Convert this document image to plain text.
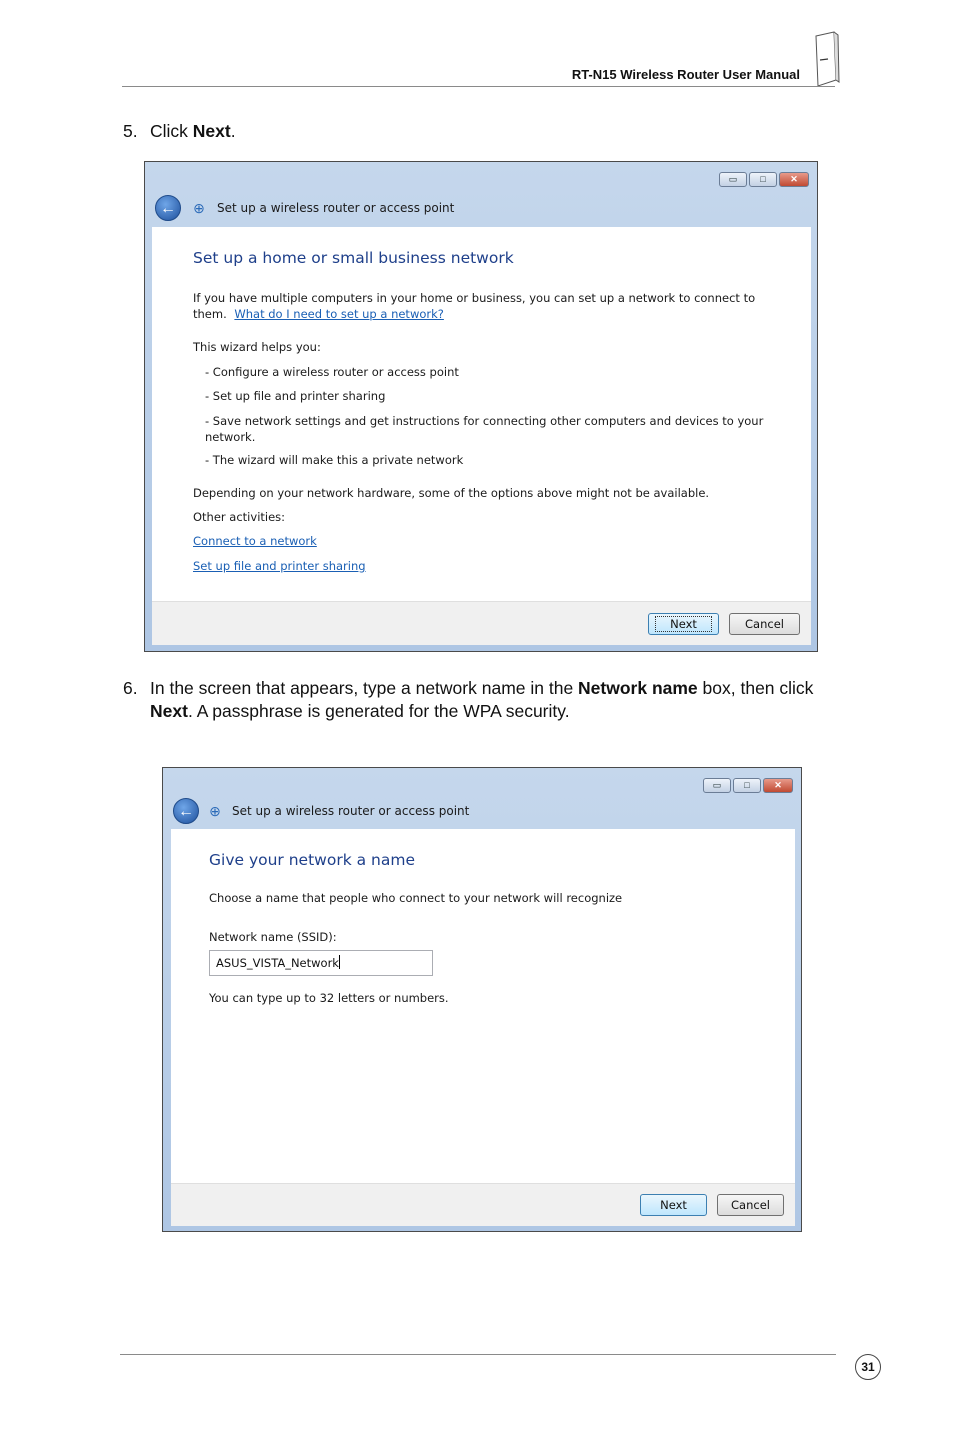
RT-N15 Wireless Router User Manual
5. Click Next.
▭	□	✕
←	⊕ Set up a wireless router or access point
Set up a home or small business network
If you have multiple computers in your home or business, you can set up a network to connect to
them. What do I need to set up a network?
This wizard helps you:
- Configure a wireless router or access point
- Set up file and printer sharing
- Save network settings and get instructions for connecting other computers and devices to your
network.
- The wizard will make this a private network
Depending on your network hardware, some of the options above might not be available.
Other activities:
Connect to a network
Set up file and printer sharing
Next	Cancel
6. In the screen that appears, type a network name in the Network name box, then click
Next. A passphrase is generated for the WPA security.
▭	□	✕
←	⊕ Set up a wireless router or access point
Give your network a name
Choose a name that people who connect to your network will recognize
Network name (SSID):
ASUS_VISTA_Network
You can type up to 32 letters or numbers.
Next	Cancel
31
